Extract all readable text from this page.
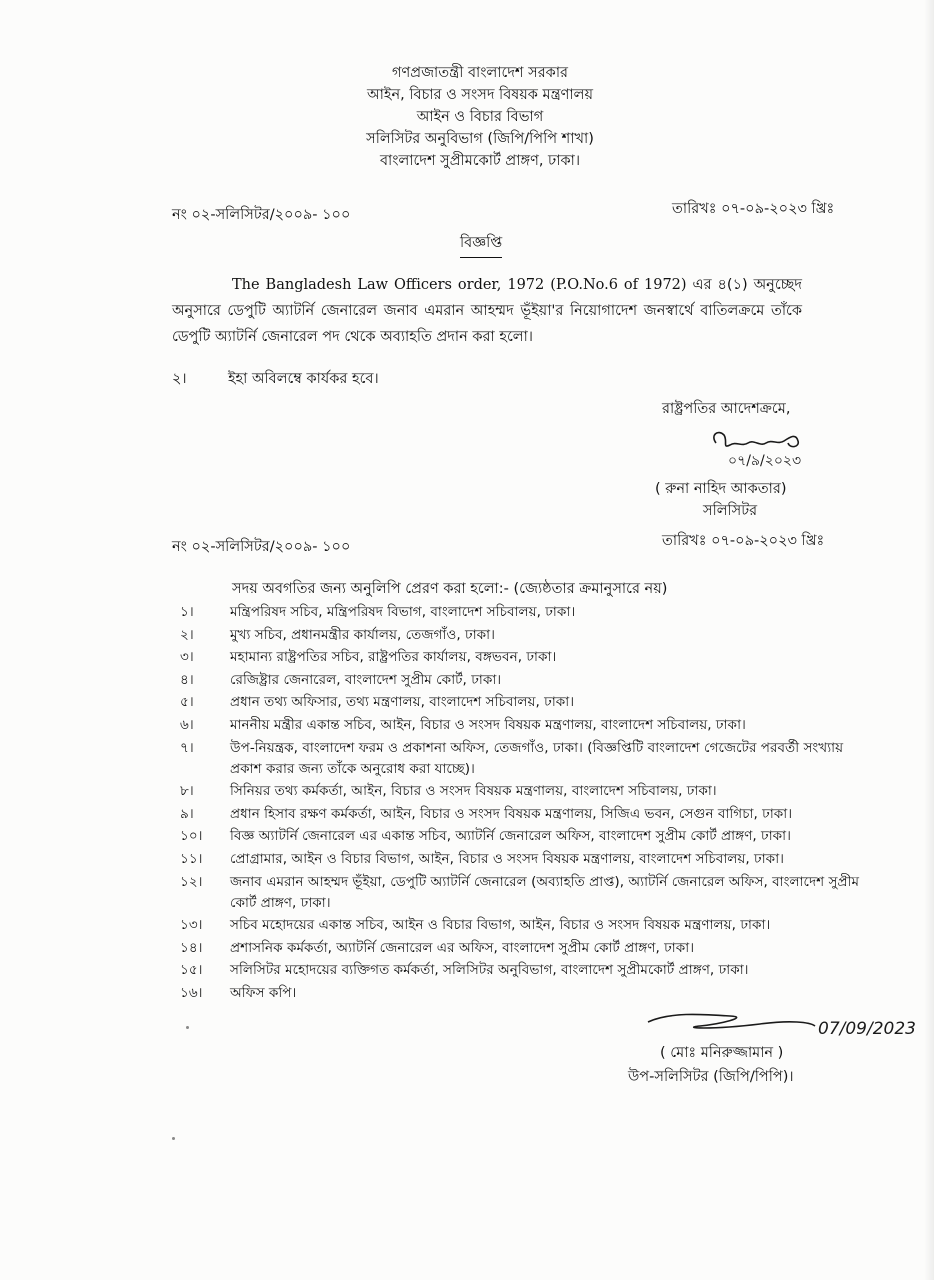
গণপ্রজাতন্ত্রী বাংলাদেশ সরকার
আইন, বিচার ও সংসদ বিষয়ক মন্ত্রণালয়
আইন ও বিচার বিভাগ
সলিসিটর অনুবিভাগ (জিপি/পিপি শাখা)
বাংলাদেশ সুপ্রীমকোর্ট প্রাঙ্গণ, ঢাকা।
নং ০২-সলিসিটর/২০০৯- ১০০	তারিখঃ ০৭-০৯-২০২৩ খ্রিঃ
বিজ্ঞপ্তি
The Bangladesh Law Officers order, 1972 (P.O.No.6 of 1972) এর ৪(১) অনুচ্ছেদ অনুসারে ডেপুটি অ্যাটর্নি জেনারেল জনাব এমরান আহম্মদ ভূঁইয়া'র নিয়োগাদেশ জনস্বার্থে বাতিলক্রমে তাঁকে ডেপুটি অ্যাটর্নি জেনারেল পদ থেকে অব্যাহতি প্রদান করা হলো।
২।	ইহা অবিলম্বে কার্যকর হবে।
রাষ্ট্রপতির আদেশক্রমে,
০৭/৯/২০২৩
( রুনা নাহিদ আকতার)
সলিসিটর
নং ০২-সলিসিটর/২০০৯- ১০০	তারিখঃ ০৭-০৯-২০২৩ খ্রিঃ
সদয় অবগতির জন্য অনুলিপি প্রেরণ করা হলো:- (জ্যেষ্ঠতার ক্রমানুসারে নয়)
১।	মন্ত্রিপরিষদ সচিব, মন্ত্রিপরিষদ বিভাগ, বাংলাদেশ সচিবালয়, ঢাকা।
২।	মুখ্য সচিব, প্রধানমন্ত্রীর কার্যালয়, তেজগাঁও, ঢাকা।
৩।	মহামান্য রাষ্ট্রপতির সচিব, রাষ্ট্রপতির কার্যালয়, বঙ্গভবন, ঢাকা।
৪।	রেজিষ্ট্রার জেনারেল, বাংলাদেশ সুপ্রীম কোর্ট, ঢাকা।
৫।	প্রধান তথ্য অফিসার, তথ্য মন্ত্রণালয়, বাংলাদেশ সচিবালয়, ঢাকা।
৬।	মাননীয় মন্ত্রীর একান্ত সচিব, আইন, বিচার ও সংসদ বিষয়ক মন্ত্রণালয়, বাংলাদেশ সচিবালয়, ঢাকা।
৭।	উপ-নিয়ন্ত্রক, বাংলাদেশ ফরম ও প্রকাশনা অফিস, তেজগাঁও, ঢাকা। (বিজ্ঞপ্তিটি বাংলাদেশ গেজেটের পরবর্তী সংখ্যায় প্রকাশ করার জন্য তাঁকে অনুরোধ করা যাচ্ছে)।
৮।	সিনিয়র তথ্য কর্মকর্তা, আইন, বিচার ও সংসদ বিষয়ক মন্ত্রণালয়, বাংলাদেশ সচিবালয়, ঢাকা।
৯।	প্রধান হিসাব রক্ষণ কর্মকর্তা, আইন, বিচার ও সংসদ বিষয়ক মন্ত্রণালয়, সিজিএ ভবন, সেগুন বাগিচা, ঢাকা।
১০।	বিজ্ঞ অ্যাটর্নি জেনারেল এর একান্ত সচিব, অ্যাটর্নি জেনারেল অফিস, বাংলাদেশ সুপ্রীম কোর্ট প্রাঙ্গণ, ঢাকা।
১১।	প্রোগ্রামার, আইন ও বিচার বিভাগ, আইন, বিচার ও সংসদ বিষয়ক মন্ত্রণালয়, বাংলাদেশ সচিবালয়, ঢাকা।
১২।	জনাব এমরান আহম্মদ ভূঁইয়া, ডেপুটি অ্যাটর্নি জেনারেল (অব্যাহতি প্রাপ্ত), অ্যাটর্নি জেনারেল অফিস, বাংলাদেশ সুপ্রীম কোর্ট প্রাঙ্গণ, ঢাকা।
১৩।	সচিব মহোদয়ের একান্ত সচিব, আইন ও বিচার বিভাগ, আইন, বিচার ও সংসদ বিষয়ক মন্ত্রণালয়, ঢাকা।
১৪।	প্রশাসনিক কর্মকর্তা, অ্যাটর্নি জেনারেল এর অফিস, বাংলাদেশ সুপ্রীম কোর্ট প্রাঙ্গণ, ঢাকা।
১৫।	সলিসিটর মহোদয়ের ব্যক্তিগত কর্মকর্তা, সলিসিটর অনুবিভাগ, বাংলাদেশ সুপ্রীমকোর্ট প্রাঙ্গণ, ঢাকা।
১৬।	অফিস কপি।
07/09/2023
( মোঃ মনিরুজ্জামান )
উপ-সলিসিটর (জিপি/পিপি)।
